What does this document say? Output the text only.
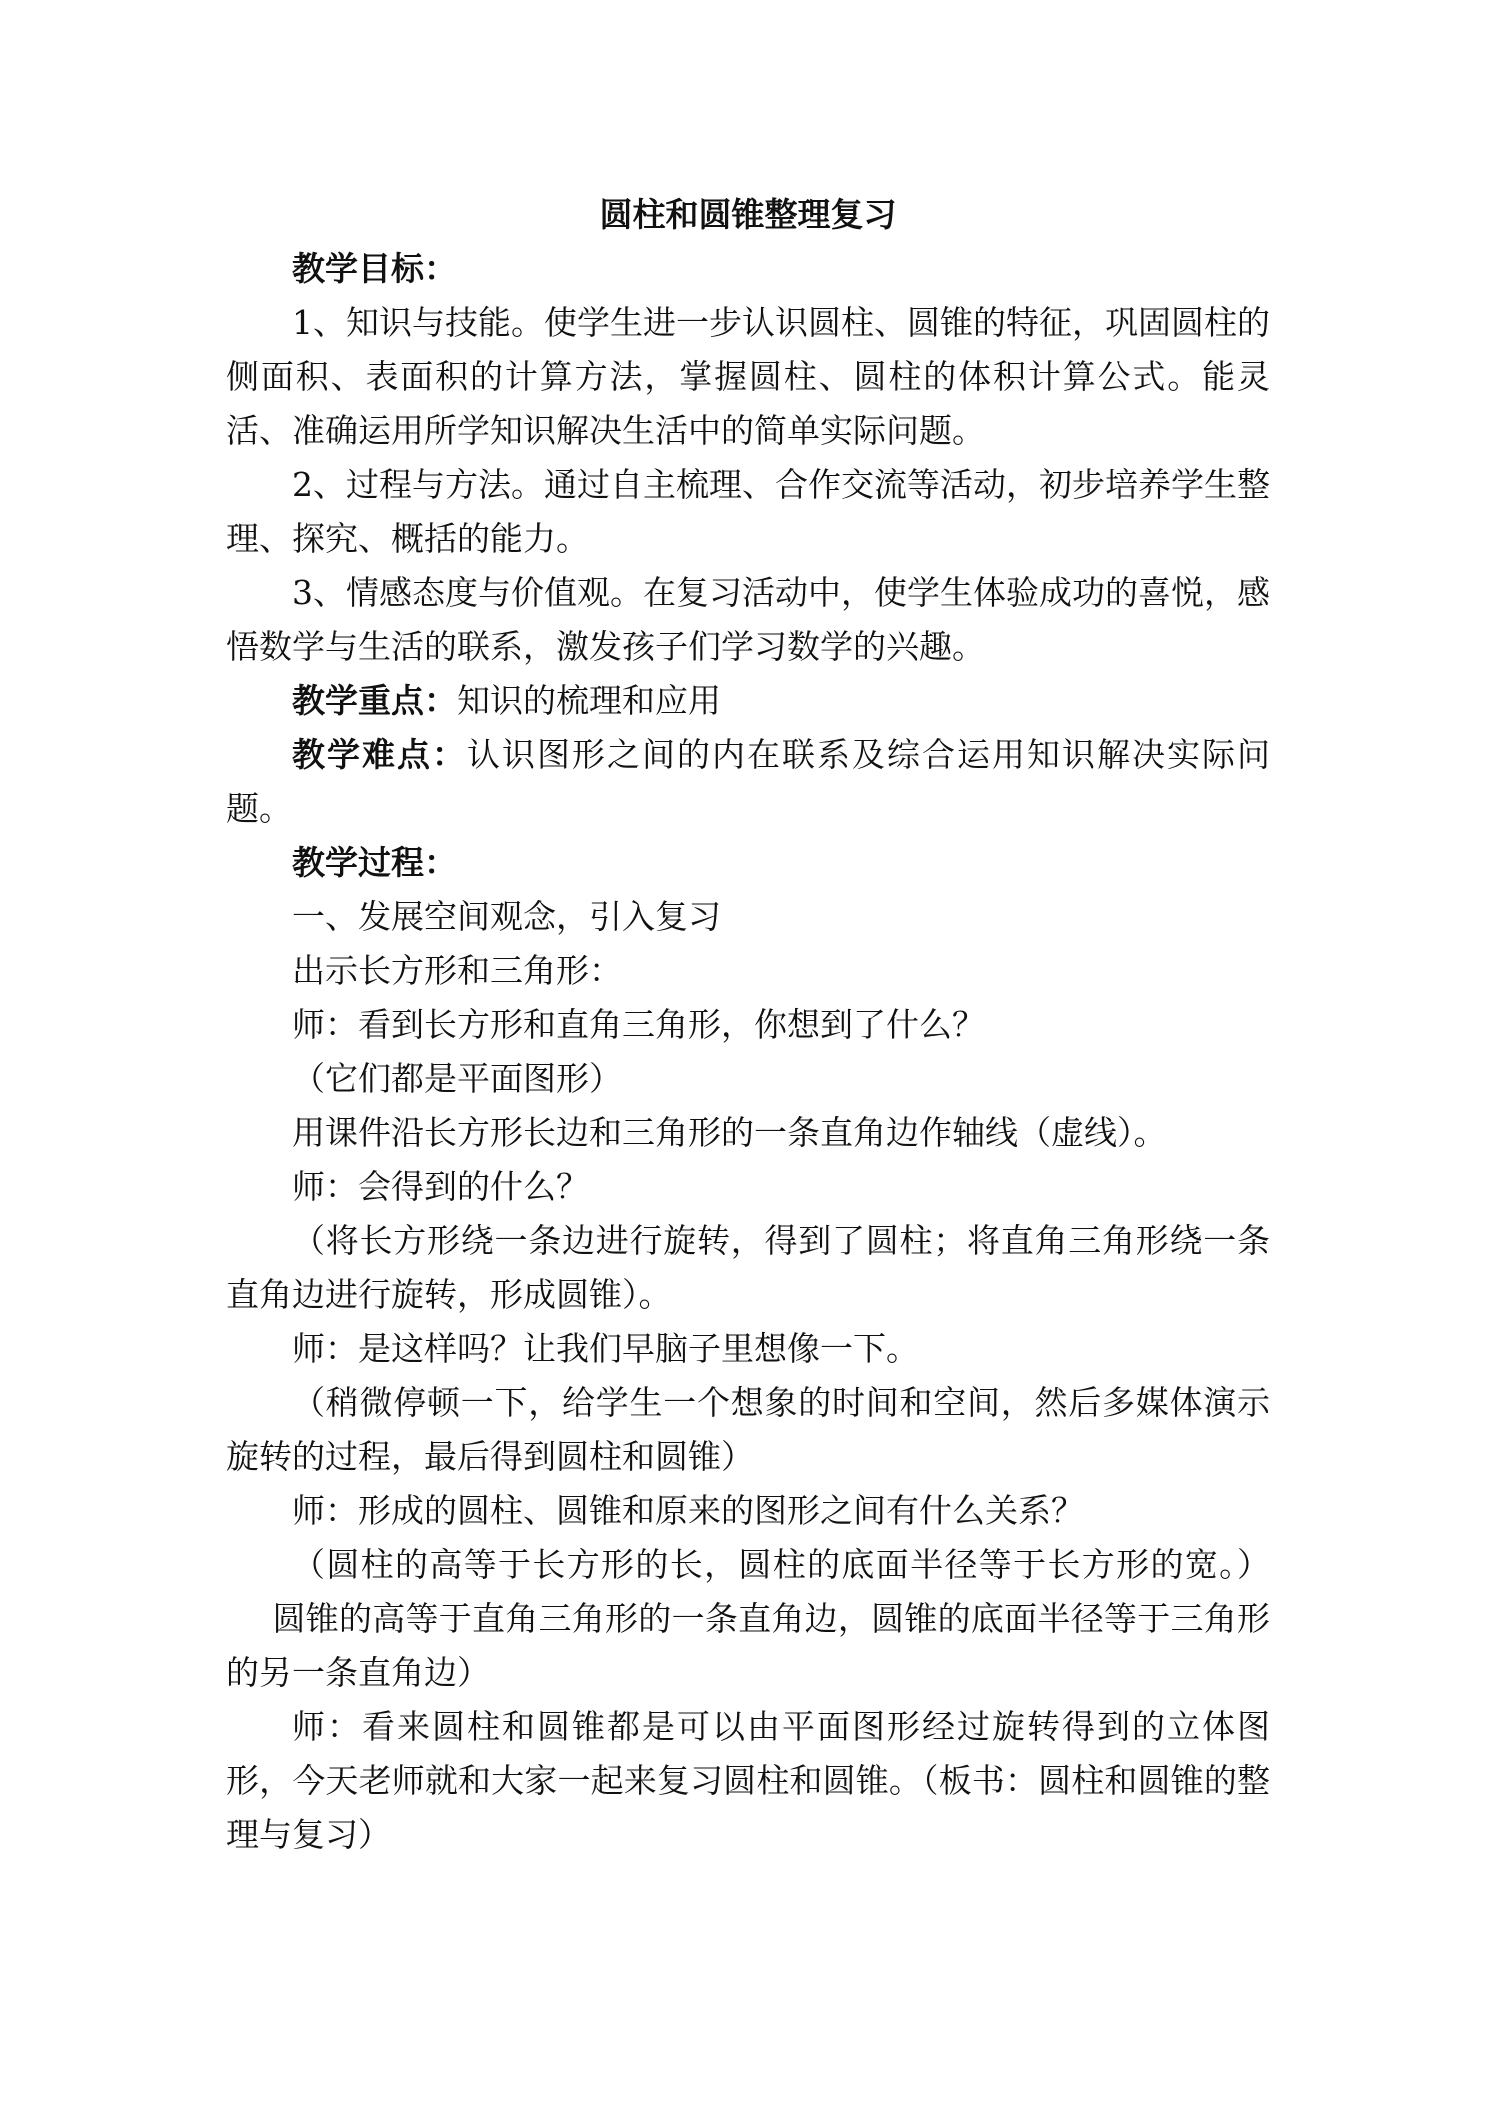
圆柱和圆锥整理复习

教学目标：

1、知识与技能。使学生进一步认识圆柱、圆锥的特征，巩固圆柱的侧面积、表面积的计算方法，掌握圆柱、圆柱的体积计算公式。能灵活、准确运用所学知识解决生活中的简单实际问题。

2、过程与方法。通过自主梳理、合作交流等活动，初步培养学生整理、探究、概括的能力。

3、情感态度与价值观。在复习活动中，使学生体验成功的喜悦，感悟数学与生活的联系，激发孩子们学习数学的兴趣。

教学重点：知识的梳理和应用

教学难点：认识图形之间的内在联系及综合运用知识解决实际问题。

教学过程：

一、发展空间观念，引入复习

出示长方形和三角形：

师：看到长方形和直角三角形，你想到了什么？

（它们都是平面图形）

用课件沿长方形长边和三角形的一条直角边作轴线（虚线）。

师：会得到的什么？

（将长方形绕一条边进行旋转，得到了圆柱；将直角三角形绕一条直角边进行旋转，形成圆锥）。

师：是这样吗？让我们早脑子里想像一下。

（稍微停顿一下，给学生一个想象的时间和空间，然后多媒体演示旋转的过程，最后得到圆柱和圆锥）

师：形成的圆柱、圆锥和原来的图形之间有什么关系？

（圆柱的高等于长方形的长，圆柱的底面半径等于长方形的宽。）圆锥的高等于直角三角形的一条直角边，圆锥的底面半径等于三角形的另一条直角边）

师：看来圆柱和圆锥都是可以由平面图形经过旋转得到的立体图形，今天老师就和大家一起来复习圆柱和圆锥。（板书：圆柱和圆锥的整理与复习）
